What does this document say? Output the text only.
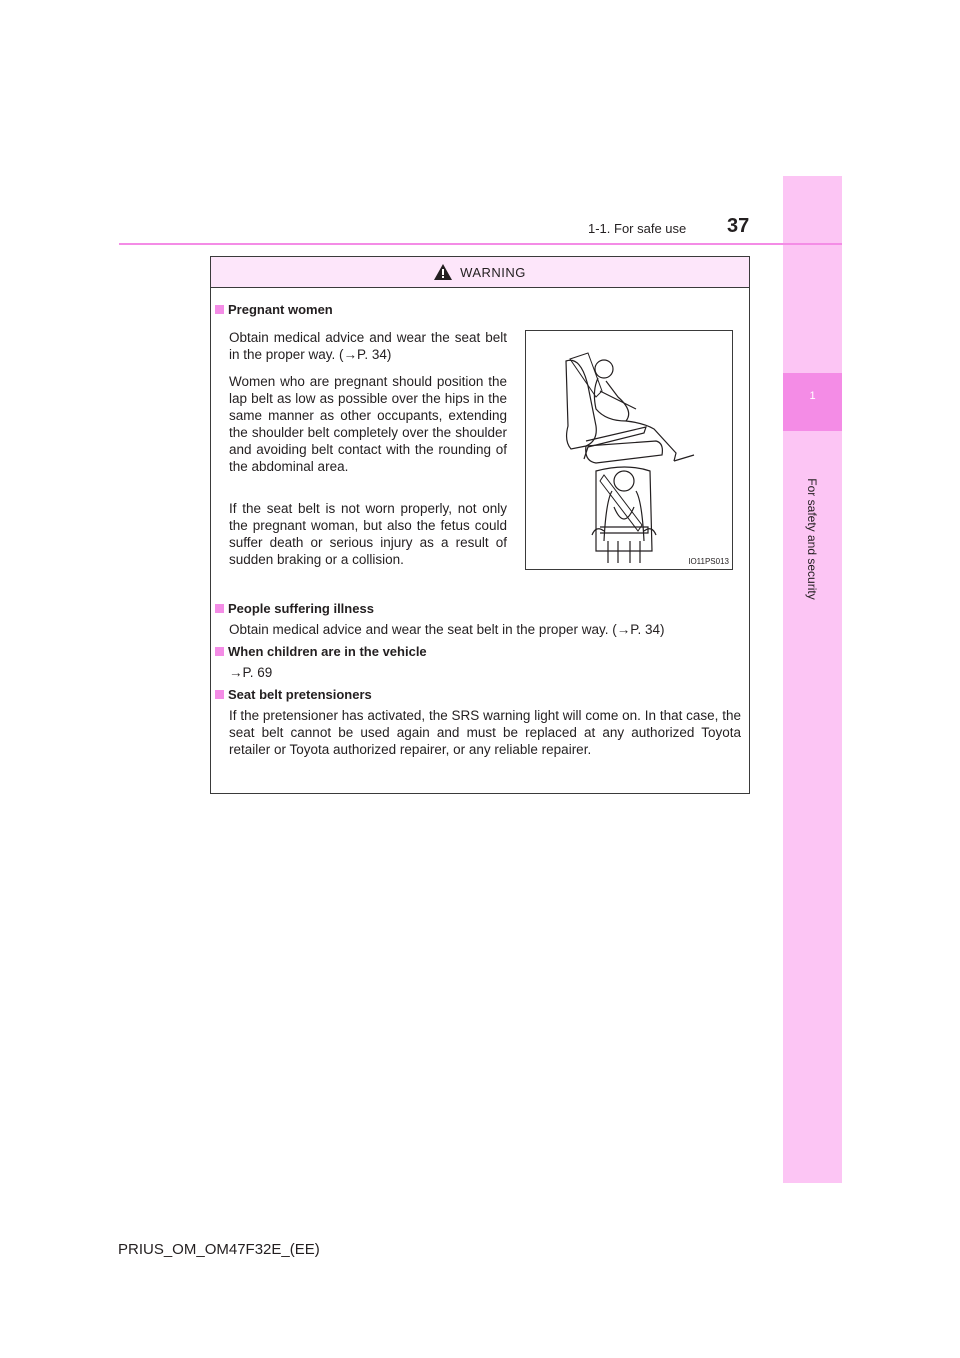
1
For safety and security
1-1. For safe use 37
WARNING
Pregnant women
Obtain medical advice and wear the seat belt in the proper way. (→P. 34)
Women who are pregnant should position the lap belt as low as possible over the hips in the same manner as other occupants, extending the shoulder belt completely over the shoulder and avoiding belt contact with the rounding of the abdominal area.
If the seat belt is not worn properly, not only the pregnant woman, but also the fetus could suffer death or serious injury as a result of sudden braking or a collision.	IO11PS013
People suffering illness
Obtain medical advice and wear the seat belt in the proper way. (→P. 34)
When children are in the vehicle
→P. 69
Seat belt pretensioners
If the pretensioner has activated, the SRS warning light will come on. In that case, the seat belt cannot be used again and must be replaced at any authorized Toyota retailer or Toyota authorized repairer, or any reliable repairer.
PRIUS_OM_OM47F32E_(EE)
